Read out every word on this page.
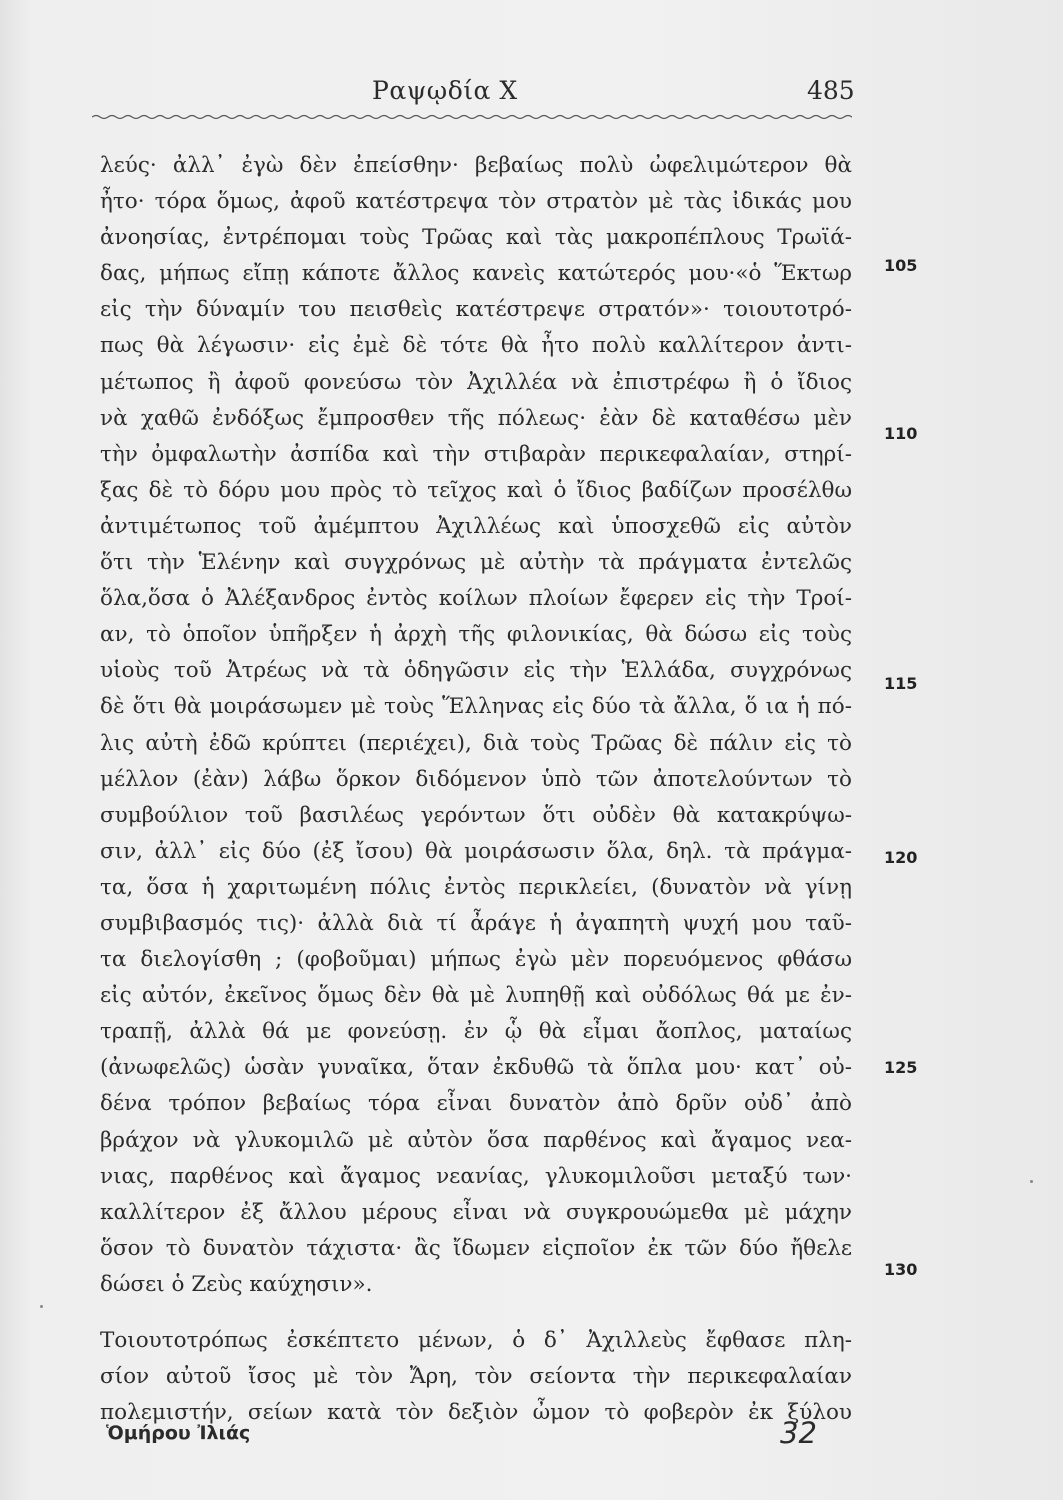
Ραψῳδία Χ	485
λεύς· ἀλλ᾽ ἐγὼ δὲν ἐπείσθην· βεβαίως πολὺ ὠφελιμώτερον θὰ
ἦτο· τόρα ὅμως, ἀφοῦ κατέστρεψα τὸν στρατὸν μὲ τὰς ἰδικάς μου
ἀνοησίας, ἐντρέπομαι τοὺς Τρῶας καὶ τὰς μακροπέπλους Τρωϊά-
δας, μήπως εἴπῃ κάποτε ἄλλος κανεὶς κατώτερός μου·«ὁ Ἕκτωρ
εἰς τὴν δύναμίν του πεισθεὶς κατέστρεψε στρατόν»· τοιουτοτρό-
πως θὰ λέγωσιν· εἰς ἐμὲ δὲ τότε θὰ ἦτο πολὺ καλλίτερον ἀντι-
μέτωπος ἢ ἀφοῦ φονεύσω τὸν Ἀχιλλέα νὰ ἐπιστρέφω ἢ ὁ ἴδιος
νὰ χαθῶ ἐνδόξως ἔμπροσθεν τῆς πόλεως· ἐὰν δὲ καταθέσω μὲν
τὴν ὀμφαλωτὴν ἀσπίδα καὶ τὴν στιβαρὰν περικεφαλαίαν, στηρί-
ξας δὲ τὸ δόρυ μου πρὸς τὸ τεῖχος καὶ ὁ ἴδιος βαδίζων προσέλθω
ἀντιμέτωπος τοῦ ἀμέμπτου Ἀχιλλέως καὶ ὑποσχεθῶ εἰς αὐτὸν
ὅτι τὴν Ἑλένην καὶ συγχρόνως μὲ αὐτὴν τὰ πράγματα ἐντελῶς
ὅλα,ὅσα ὁ Ἀλέξανδρος ἐντὸς κοίλων πλοίων ἔφερεν εἰς τὴν Τροί-
αν, τὸ ὁποῖον ὑπῆρξεν ἡ ἀρχὴ τῆς φιλονικίας, θὰ δώσω εἰς τοὺς
υἱοὺς τοῦ Ἀτρέως νὰ τὰ ὁδηγῶσιν εἰς τὴν Ἑλλάδα, συγχρόνως
δὲ ὅτι θὰ μοιράσωμεν μὲ τοὺς Ἕλληνας εἰς δύο τὰ ἄλλα, ὅ ια ἡ πό-
λις αὐτὴ ἐδῶ κρύπτει (περιέχει), διὰ τοὺς Τρῶας δὲ πάλιν εἰς τὸ
μέλλον (ἐὰν) λάβω ὅρκον διδόμενον ὑπὸ τῶν ἀποτελούντων τὸ
συμβούλιον τοῦ βασιλέως γερόντων ὅτι οὐδὲν θὰ κατακρύψω-
σιν, ἀλλ᾽ εἰς δύο (ἐξ ἴσου) θὰ μοιράσωσιν ὅλα, δηλ. τὰ πράγμα-
τα, ὅσα ἡ χαριτωμένη πόλις ἐντὸς περικλείει, (δυνατὸν νὰ γίνῃ
συμβιβασμός τις)· ἀλλὰ διὰ τί ἆράγε ἡ ἀγαπητὴ ψυχή μου ταῦ-
τα διελογίσθη ; (φοβοῦμαι) μήπως ἐγὼ μὲν πορευόμενος φθάσω
εἰς αὐτόν, ἐκεῖνος ὅμως δὲν θὰ μὲ λυπηθῇ καὶ οὐδόλως θά με ἐν-
τραπῇ, ἀλλὰ θά με φονεύσῃ. ἐν ᾧ θὰ εἶμαι ἄοπλος, ματαίως
(ἀνωφελῶς) ὡσὰν γυναῖκα, ὅταν ἐκδυθῶ τὰ ὅπλα μου· κατ᾽ οὐ-
δένα τρόπον βεβαίως τόρα εἶναι δυνατὸν ἀπὸ δρῦν οὐδ᾽ ἀπὸ
βράχον νὰ γλυκομιλῶ μὲ αὐτὸν ὅσα παρθένος καὶ ἄγαμος νεα-
νιας, παρθένος καὶ ἄγαμος νεανίας, γλυκομιλοῦσι μεταξύ των·
καλλίτερον ἐξ ἄλλου μέρους εἶναι νὰ συγκρουώμεθα μὲ μάχην
ὅσον τὸ δυνατὸν τάχιστα· ἂς ἴδωμεν εἰςποῖον ἐκ τῶν δύο ἤθελε
δώσει ὁ Ζεὺς καύχησιν».
Τοιουτοτρόπως ἐσκέπτετο μένων, ὁ δ᾽ Ἀχιλλεὺς ἔφθασε πλη-
σίον αὐτοῦ ἴσος μὲ τὸν Ἄρη, τὸν σείοντα τὴν περικεφαλαίαν
πολεμιστήν, σείων κατὰ τὸν δεξιὸν ὦμον τὸ φοβερὸν ἐκ ξύλου
105
110
115
120
125
130
Ὁμήρου Ἰλιάς	32
